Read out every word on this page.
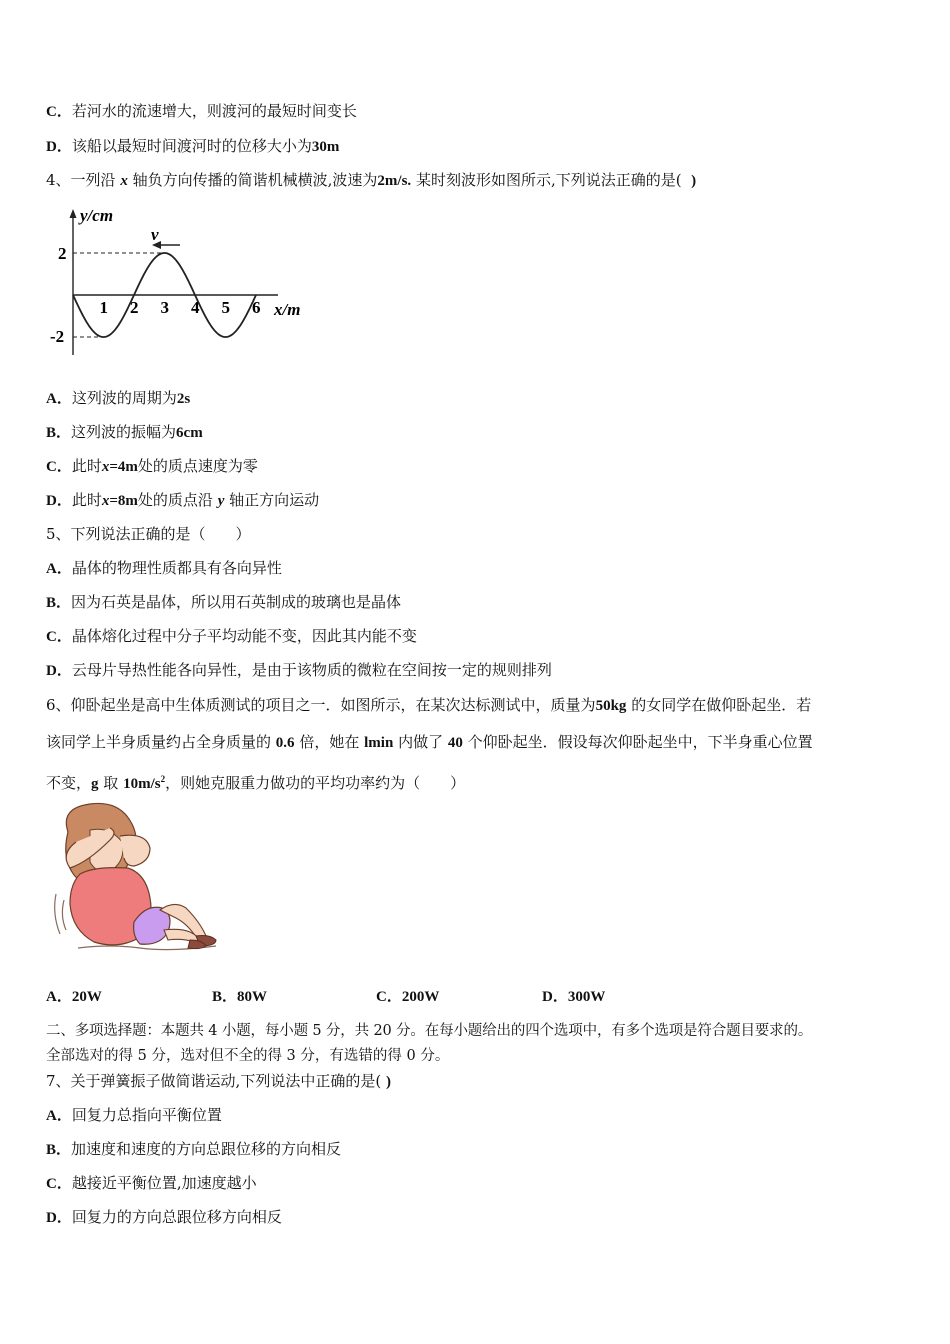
C．若河水的流速增大，则渡河的最短时间变长
D．该船以最短时间渡河时的位移大小为30m
4、一列沿 x 轴负方向传播的简谐机械横波,波速为2m/s. 某时刻波形如图所示,下列说法正确的是( )
y/cm
x/m
2
-2
1 2 3 4 5 6
v
A．这列波的周期为2s
B．这列波的振幅为6cm
C．此时x=4m处的质点速度为零
D．此时x=8m处的质点沿 y 轴正方向运动
5、下列说法正确的是（　　）
A．晶体的物理性质都具有各向异性
B．因为石英是晶体，所以用石英制成的玻璃也是晶体
C．晶体熔化过程中分子平均动能不变，因此其内能不变
D．云母片导热性能各向异性，是由于该物质的微粒在空间按一定的规则排列
6、仰卧起坐是高中生体质测试的项目之一．如图所示，在某次达标测试中，质量为50kg 的女同学在做仰卧起坐．若
该同学上半身质量约占全身质量的 0.6 倍，她在 lmin 内做了 40 个仰卧起坐．假设每次仰卧起坐中，下半身重心位置
不变，g 取 $10m/s^2$，则她克服重力做功的平均功率约为（　　）
A．20W	B．80W	C．200W	D．300W
二、多项选择题：本题共 4 小题，每小题 5 分，共 20 分。在每小题给出的四个选项中，有多个选项是符合题目要求的。
全部选对的得 5 分，选对但不全的得 3 分，有选错的得 0 分。
7、关于弹簧振子做简谐运动,下列说法中正确的是( )
A．回复力总指向平衡位置
B．加速度和速度的方向总跟位移的方向相反
C．越接近平衡位置,加速度越小
D．回复力的方向总跟位移方向相反
